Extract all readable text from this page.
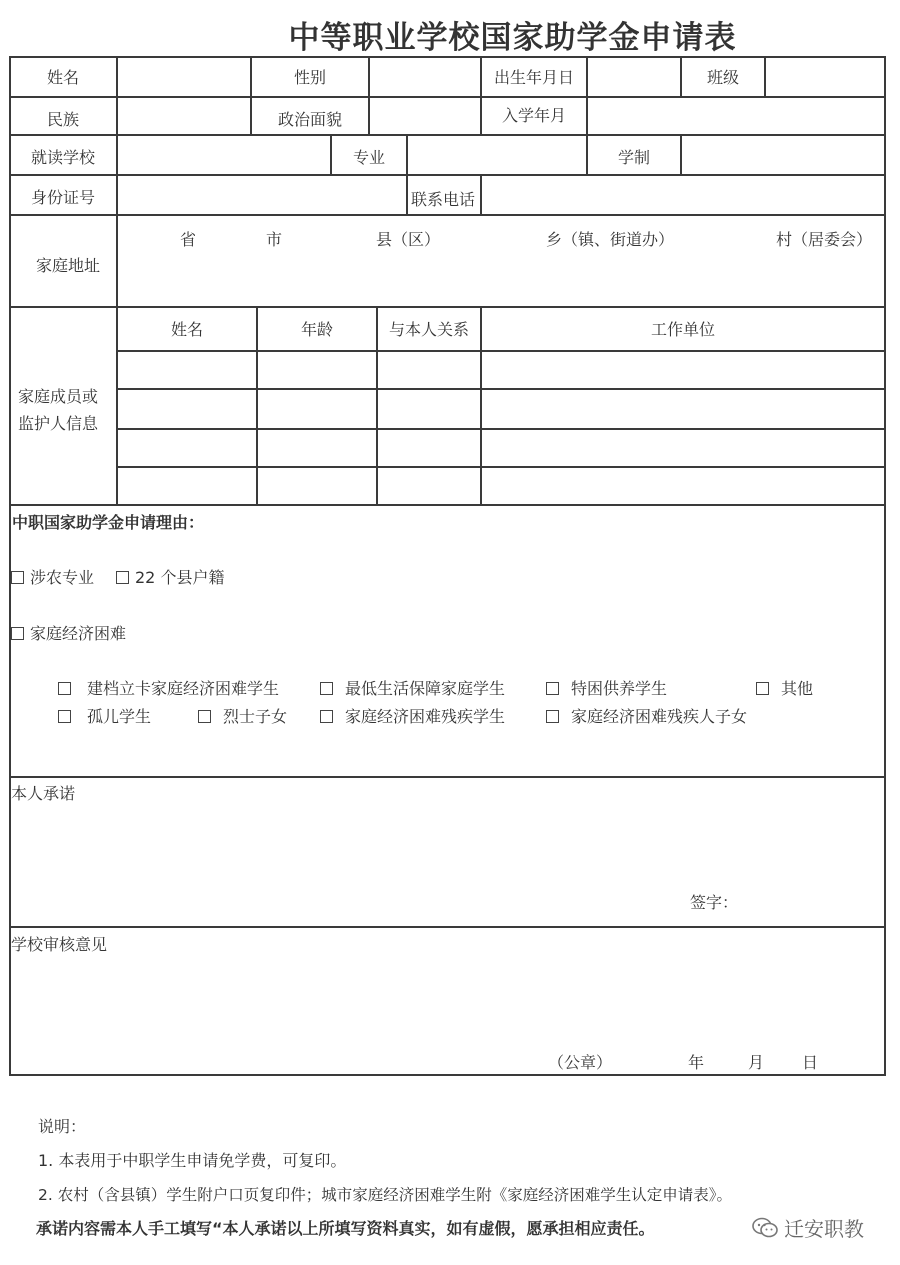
中等职业学校国家助学金申请表
姓名	性别	出生年月日	班级
民族	政治面貌	入学年月
就读学校	专业	学制
身份证号	联系电话
家庭地址
省	市	县（区）	乡（镇、街道办）	村（居委会）
家庭成员或
监护人信息
姓名	年龄	与本人关系	工作单位
中职国家助学金申请理由：
涉农专业	22 个县户籍
家庭经济困难
建档立卡家庭经济困难学生	最低生活保障家庭学生	特困供养学生	其他
孤儿学生	烈士子女	家庭经济困难残疾学生	家庭经济困难残疾人子女
本人承诺
签字：
学校审核意见
（公章）	年	月 日
说明：
1. 本表用于中职学生申请免学费，可复印。
2. 农村（含县镇）学生附户口页复印件；城市家庭经济困难学生附《家庭经济困难学生认定申请表》。
承诺内容需本人手工填写“本人承诺以上所填写资料真实，如有虚假，愿承担相应责任。	迁安职教
